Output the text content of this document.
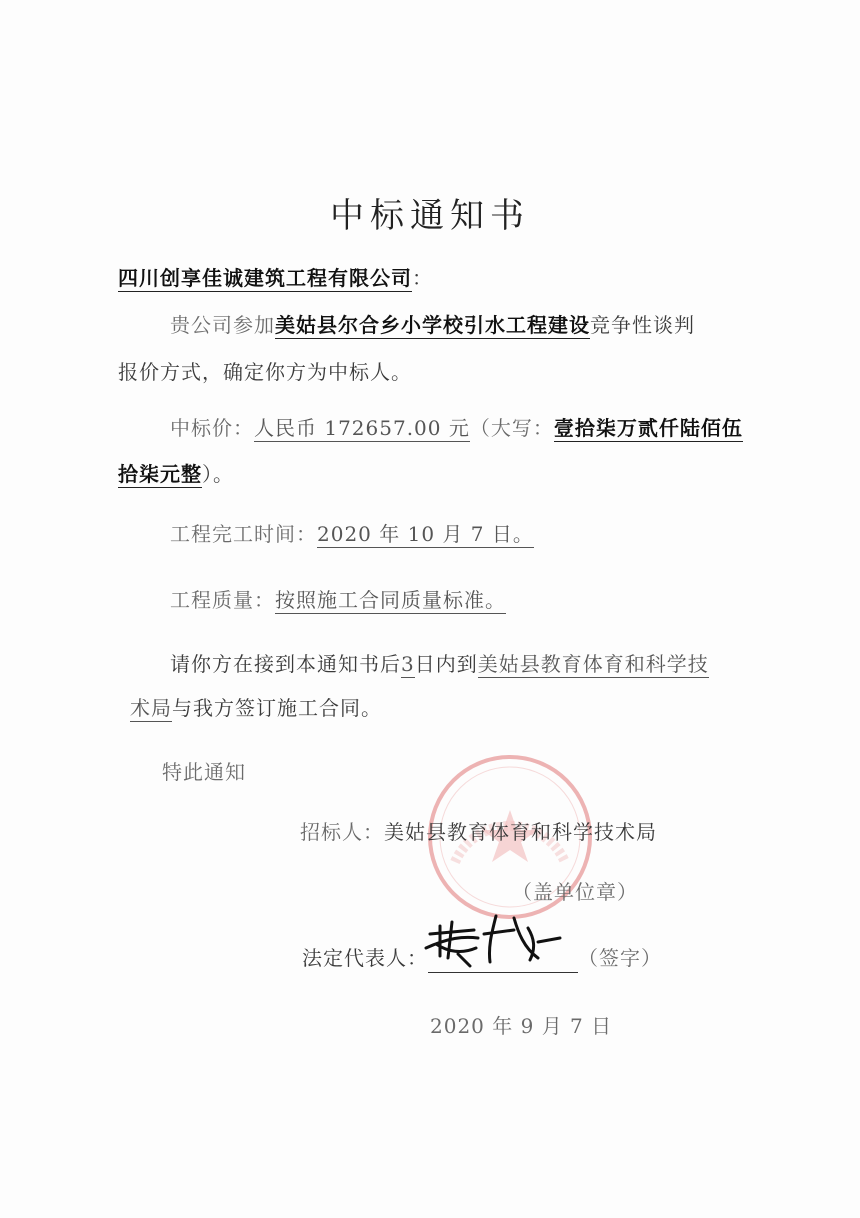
中标通知书
四川创享佳诚建筑工程有限公司：
贵公司参加美姑县尔合乡小学校引水工程建设竞争性谈判
报价方式，确定你方为中标人。
中标价：人民币 172657.00 元（大写：壹拾柒万贰仟陆佰伍
拾柒元整）。
工程完工时间：2020 年 10 月 7 日。
工程质量：按照施工合同质量标准。
请你方在接到本通知书后3日内到美姑县教育体育和科学技
术局与我方签订施工合同。
特此通知
招标人：美姑县教育体育和科学技术局
（盖单位章）
法定代表人：	（签字）
2020 年 9 月 7 日
